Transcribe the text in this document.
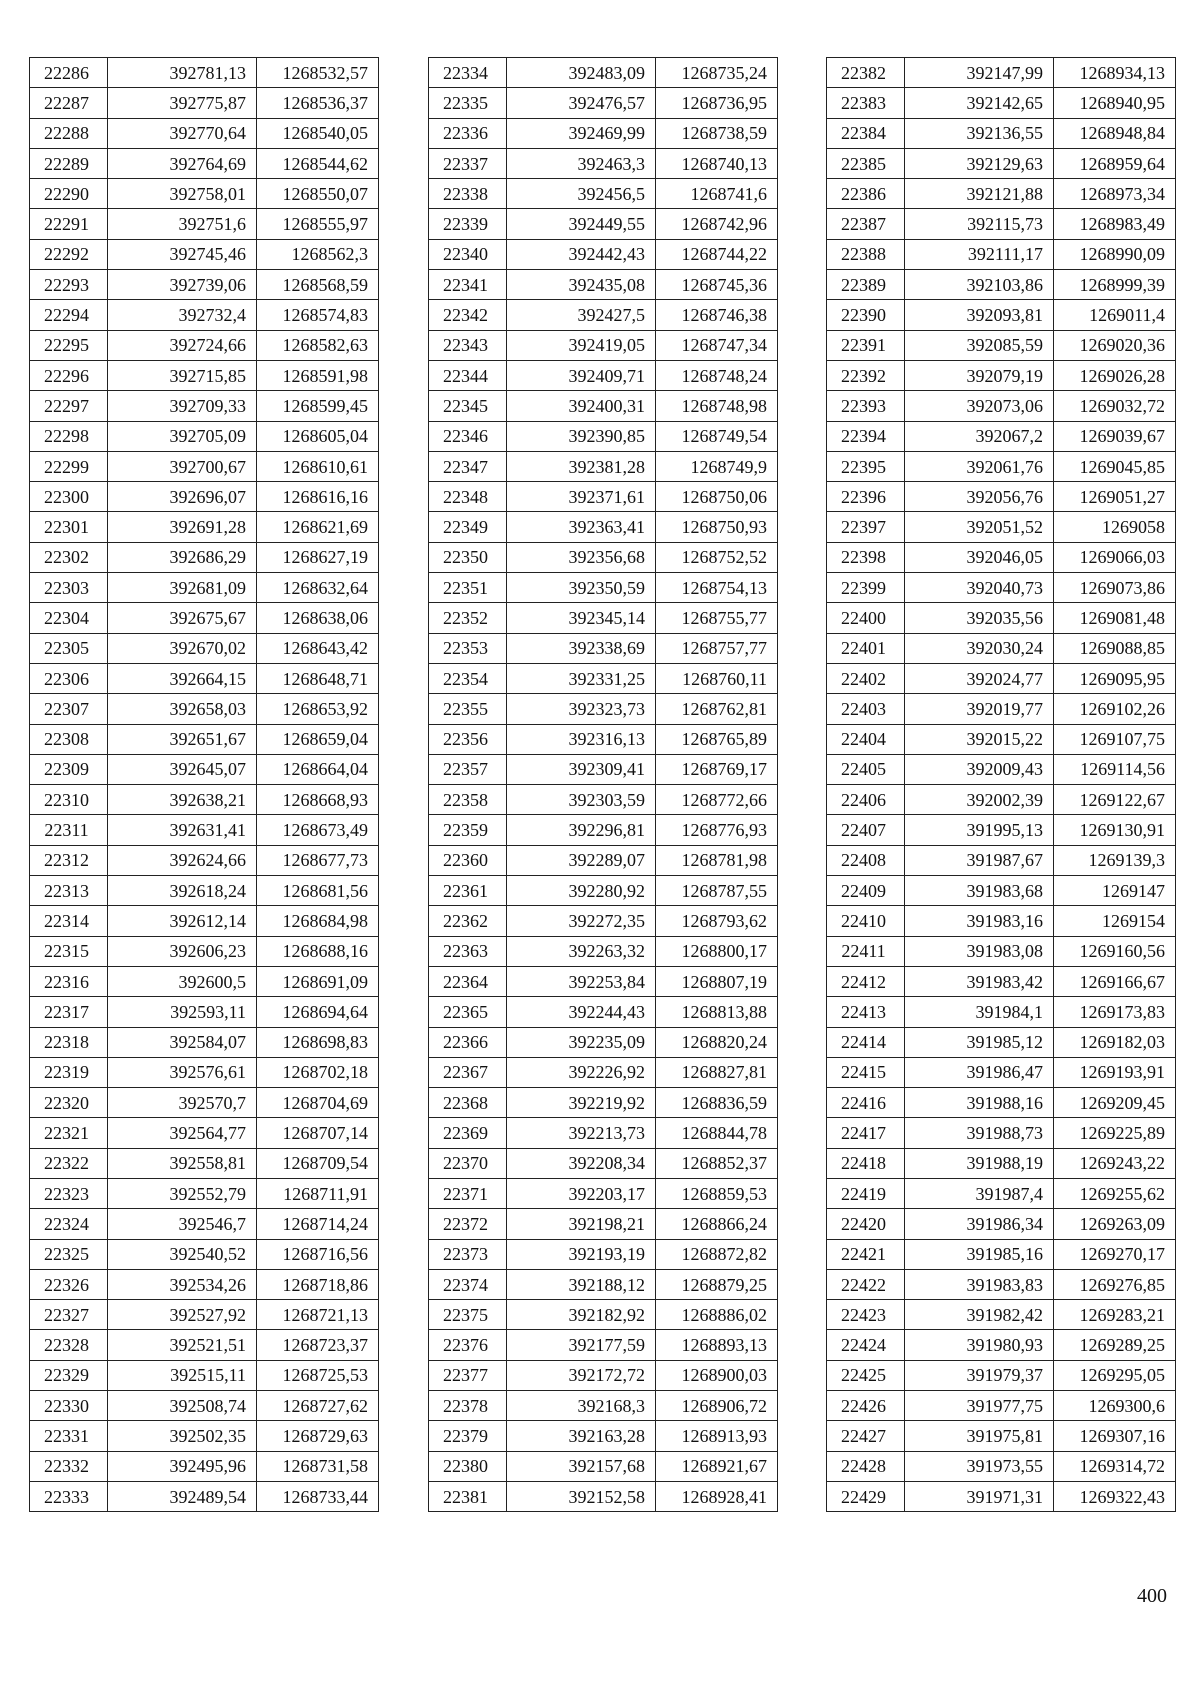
22286	392781,13	1268532,57
22287	392775,87	1268536,37
22288	392770,64	1268540,05
22289	392764,69	1268544,62
22290	392758,01	1268550,07
22291	392751,6	1268555,97
22292	392745,46	1268562,3
22293	392739,06	1268568,59
22294	392732,4	1268574,83
22295	392724,66	1268582,63
22296	392715,85	1268591,98
22297	392709,33	1268599,45
22298	392705,09	1268605,04
22299	392700,67	1268610,61
22300	392696,07	1268616,16
22301	392691,28	1268621,69
22302	392686,29	1268627,19
22303	392681,09	1268632,64
22304	392675,67	1268638,06
22305	392670,02	1268643,42
22306	392664,15	1268648,71
22307	392658,03	1268653,92
22308	392651,67	1268659,04
22309	392645,07	1268664,04
22310	392638,21	1268668,93
22311	392631,41	1268673,49
22312	392624,66	1268677,73
22313	392618,24	1268681,56
22314	392612,14	1268684,98
22315	392606,23	1268688,16
22316	392600,5	1268691,09
22317	392593,11	1268694,64
22318	392584,07	1268698,83
22319	392576,61	1268702,18
22320	392570,7	1268704,69
22321	392564,77	1268707,14
22322	392558,81	1268709,54
22323	392552,79	1268711,91
22324	392546,7	1268714,24
22325	392540,52	1268716,56
22326	392534,26	1268718,86
22327	392527,92	1268721,13
22328	392521,51	1268723,37
22329	392515,11	1268725,53
22330	392508,74	1268727,62
22331	392502,35	1268729,63
22332	392495,96	1268731,58
22333	392489,54	1268733,44
22334	392483,09	1268735,24
22335	392476,57	1268736,95
22336	392469,99	1268738,59
22337	392463,3	1268740,13
22338	392456,5	1268741,6
22339	392449,55	1268742,96
22340	392442,43	1268744,22
22341	392435,08	1268745,36
22342	392427,5	1268746,38
22343	392419,05	1268747,34
22344	392409,71	1268748,24
22345	392400,31	1268748,98
22346	392390,85	1268749,54
22347	392381,28	1268749,9
22348	392371,61	1268750,06
22349	392363,41	1268750,93
22350	392356,68	1268752,52
22351	392350,59	1268754,13
22352	392345,14	1268755,77
22353	392338,69	1268757,77
22354	392331,25	1268760,11
22355	392323,73	1268762,81
22356	392316,13	1268765,89
22357	392309,41	1268769,17
22358	392303,59	1268772,66
22359	392296,81	1268776,93
22360	392289,07	1268781,98
22361	392280,92	1268787,55
22362	392272,35	1268793,62
22363	392263,32	1268800,17
22364	392253,84	1268807,19
22365	392244,43	1268813,88
22366	392235,09	1268820,24
22367	392226,92	1268827,81
22368	392219,92	1268836,59
22369	392213,73	1268844,78
22370	392208,34	1268852,37
22371	392203,17	1268859,53
22372	392198,21	1268866,24
22373	392193,19	1268872,82
22374	392188,12	1268879,25
22375	392182,92	1268886,02
22376	392177,59	1268893,13
22377	392172,72	1268900,03
22378	392168,3	1268906,72
22379	392163,28	1268913,93
22380	392157,68	1268921,67
22381	392152,58	1268928,41
22382	392147,99	1268934,13
22383	392142,65	1268940,95
22384	392136,55	1268948,84
22385	392129,63	1268959,64
22386	392121,88	1268973,34
22387	392115,73	1268983,49
22388	392111,17	1268990,09
22389	392103,86	1268999,39
22390	392093,81	1269011,4
22391	392085,59	1269020,36
22392	392079,19	1269026,28
22393	392073,06	1269032,72
22394	392067,2	1269039,67
22395	392061,76	1269045,85
22396	392056,76	1269051,27
22397	392051,52	1269058
22398	392046,05	1269066,03
22399	392040,73	1269073,86
22400	392035,56	1269081,48
22401	392030,24	1269088,85
22402	392024,77	1269095,95
22403	392019,77	1269102,26
22404	392015,22	1269107,75
22405	392009,43	1269114,56
22406	392002,39	1269122,67
22407	391995,13	1269130,91
22408	391987,67	1269139,3
22409	391983,68	1269147
22410	391983,16	1269154
22411	391983,08	1269160,56
22412	391983,42	1269166,67
22413	391984,1	1269173,83
22414	391985,12	1269182,03
22415	391986,47	1269193,91
22416	391988,16	1269209,45
22417	391988,73	1269225,89
22418	391988,19	1269243,22
22419	391987,4	1269255,62
22420	391986,34	1269263,09
22421	391985,16	1269270,17
22422	391983,83	1269276,85
22423	391982,42	1269283,21
22424	391980,93	1269289,25
22425	391979,37	1269295,05
22426	391977,75	1269300,6
22427	391975,81	1269307,16
22428	391973,55	1269314,72
22429	391971,31	1269322,43
400
